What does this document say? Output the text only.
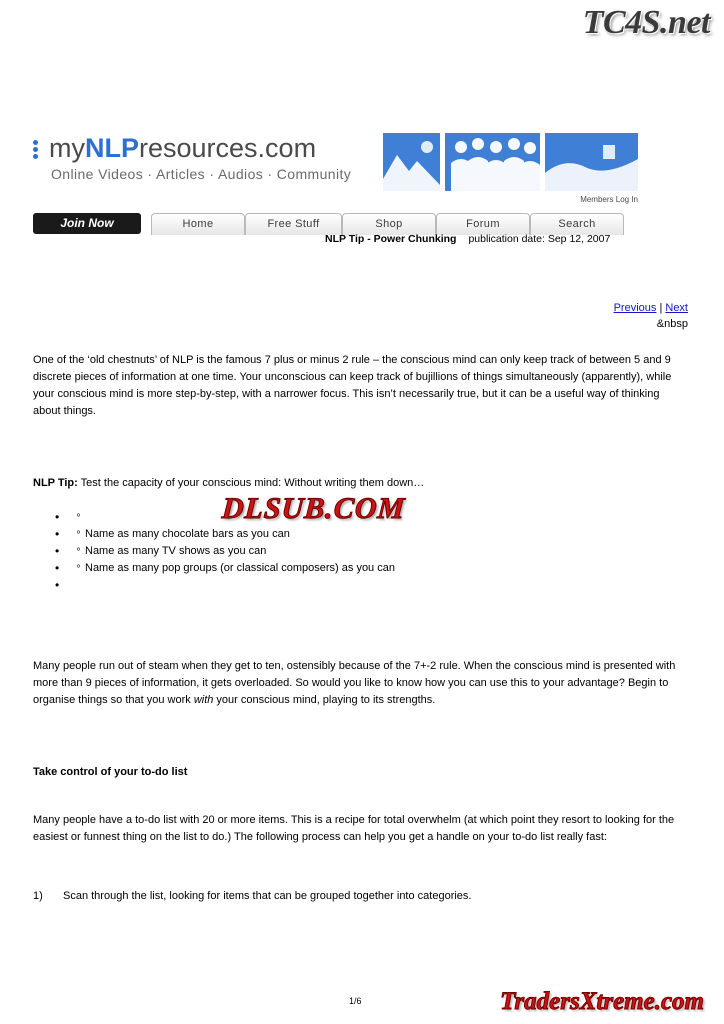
TC4S.net
myNLPresources.com
Online Videos · Articles · Audios · Community
Members Log In
Join Now	Home	Free Stuff	Shop	Forum	Search
NLP Tip - Power Chunking publication date: Sep 12, 2007
Previous | Next
&nbsp

One of the ‘old chestnuts’ of NLP is the famous 7 plus or minus 2 rule – the conscious mind can only keep track of between 5 and 9 discrete pieces of information at one time. Your unconscious can keep track of bujillions of things simultaneously (apparently), while your conscious mind is more step-by-step, with a narrower focus. This isn’t necessarily true, but it can be a useful way of thinking about things.

NLP Tip: Test the capacity of your conscious mind: Without writing them down…

• º
• º Name as many chocolate bars as you can
• º Name as many TV shows as you can
• º Name as many pop groups (or classical composers) as you can
•

Many people run out of steam when they get to ten, ostensibly because of the 7+-2 rule. When the conscious mind is presented with more than 9 pieces of information, it gets overloaded. So would you like to know how you can use this to your advantage? Begin to organise things so that you work with your conscious mind, playing to its strengths.

Take control of your to-do list

Many people have a to-do list with 20 or more items. This is a recipe for total overwhelm (at which point they resort to looking for the easiest or funnest thing on the list to do.) The following process can help you get a handle on your to-do list really fast:

1) Scan through the list, looking for items that can be grouped together into categories.
DLSUB.COM
1/6	TradersXtreme.com
